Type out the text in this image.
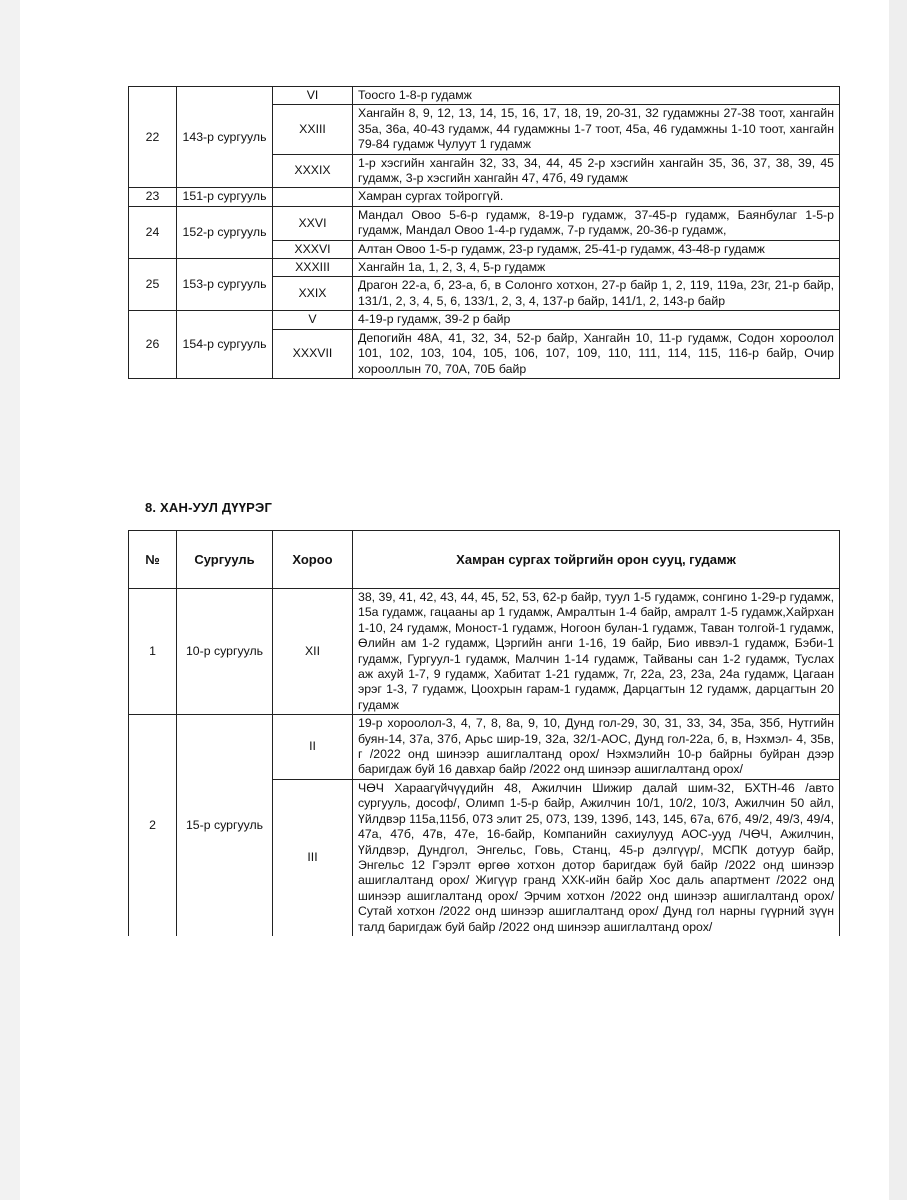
22	143-р сургууль	VI	Тоосго 1-8-р гудамж
		XXIII	Хангайн 8, 9, 12, 13, 14, 15, 16, 17, 18, 19, 20-31, 32 гудамжны 27-38 тоот, хангайн 35а, 36а, 40-43 гудамж, 44 гудамжны 1-7 тоот, 45а, 46 гудамжны 1-10 тоот, хангайн 79-84 гудамж Чулуут 1 гудамж
		XXXIX	1-р хэсгийн хангайн 32, 33, 34, 44, 45 2-р хэсгийн хангайн 35, 36, 37, 38, 39, 45 гудамж, 3-р хэсгийн хангайн 47, 47б, 49 гудамж
23	151-р сургууль		Хамран сургах тойроггүй.
24	152-р сургууль	XXVI	Мандал Овоо 5-6-р гудамж, 8-19-р гудамж, 37-45-р гудамж, Баянбулаг 1-5-р гудамж, Мандал Овоо 1-4-р гудамж, 7-р гудамж, 20-36-р гудамж,
		XXXVI	Алтан Овоо 1-5-р гудамж, 23-р гудамж, 25-41-р гудамж, 43-48-р гудамж
25	153-р сургууль	XXXIII	Хангайн 1а, 1, 2, 3, 4, 5-р гудамж
		XXIX	Драгон 22-а, б, 23-а, б, в Солонго хотхон, 27-р байр 1, 2, 119, 119а, 23г, 21-р байр, 131/1, 2, 3, 4, 5, 6, 133/1, 2, 3, 4, 137-р байр, 141/1, 2, 143-р байр
26	154-р сургууль	V	4-19-р гудамж, 39-2 р байр
		XXXVII	Депогийн 48А, 41, 32, 34, 52-р байр, Хангайн 10, 11-р гудамж, Содон хороолол 101, 102, 103, 104, 105, 106, 107, 109, 110, 111, 114, 115, 116-р байр, Очир хорооллын 70, 70А, 70Б байр
8. ХАН-УУЛ ДҮҮРЭГ
№	Сургууль	Хороо	Хамран сургах тойргийн орон сууц, гудамж
1	10-р сургууль	XII	38, 39, 41, 42, 43, 44, 45, 52, 53, 62-р байр, туул 1-5 гудамж, сонгино 1-29-р гудамж, 15а гудамж, гацааны ар 1 гудамж, Амралтын 1-4 байр, амралт 1-5 гудамж,Хайрхан 1-10, 24 гудамж, Моност-1 гудамж, Ногоон булан-1 гудамж, Таван толгой-1 гудамж, Өлийн ам 1-2 гудамж, Цэргийн анги 1-16, 19 байр, Био иввэл-1 гудамж, Бэби-1 гудамж, Гургуул-1 гудамж, Малчин 1-14 гудамж, Тайваны сан 1-2 гудамж, Туслах аж ахуй 1-7, 9 гудамж, Хабитат 1-21 гудамж, 7г, 22а, 23, 23а, 24а гудамж, Цагаан эрэг 1-3, 7 гудамж, Цоохрын гарам-1 гудамж, Дарцагтын 12 гудамж, дарцагтын 20 гудамж
2	15-р сургууль	II	19-р хороолол-3, 4, 7, 8, 8а, 9, 10, Дунд гол-29, 30, 31, 33, 34, 35а, 35б, Нутгийн буян-14, 37а, 37б, Арьс шир-19, 32а, 32/1-АОС, Дунд гол-22а, б, в, Нэхмэл- 4, 35в, г /2022 онд шинээр ашиглалтанд орох/ Нэхмэлийн 10-р байрны буйран дээр баригдаж буй 16 давхар байр /2022 онд шинээр ашиглалтанд орох/
		III	ЧӨЧ Хараагүйчүүдийн 48, Ажилчин Шижир далай шим-32, БХТН-46 /авто сургууль, дософ/, Олимп 1-5-р байр, Ажилчин 10/1, 10/2, 10/3, Ажилчин 50 айл, Үйлдвэр 115а,115б, 073 элит 25, 073, 139, 139б, 143, 145, 67а, 67б, 49/2, 49/3, 49/4, 47а, 47б, 47в, 47е, 16-байр, Компанийн сахиулууд АОС-ууд /ЧӨЧ, Ажилчин, Үйлдвэр, Дундгол, Энгельс, Говь, Станц, 45-р дэлгүүр/, МСПК дотуур байр, Энгельс 12 Гэрэлт өргөө хотхон дотор баригдаж буй байр /2022 онд шинээр ашиглалтанд орох/ Жигүүр гранд ХХК-ийн байр Хос даль апартмент /2022 онд шинээр ашиглалтанд орох/ Эрчим хотхон /2022 онд шинээр ашиглалтанд орох/ Сутай хотхон /2022 онд шинээр ашиглалтанд орох/ Дунд гол нарны гүүрний зүүн талд баригдаж буй байр /2022 онд шинээр ашиглалтанд орох/
